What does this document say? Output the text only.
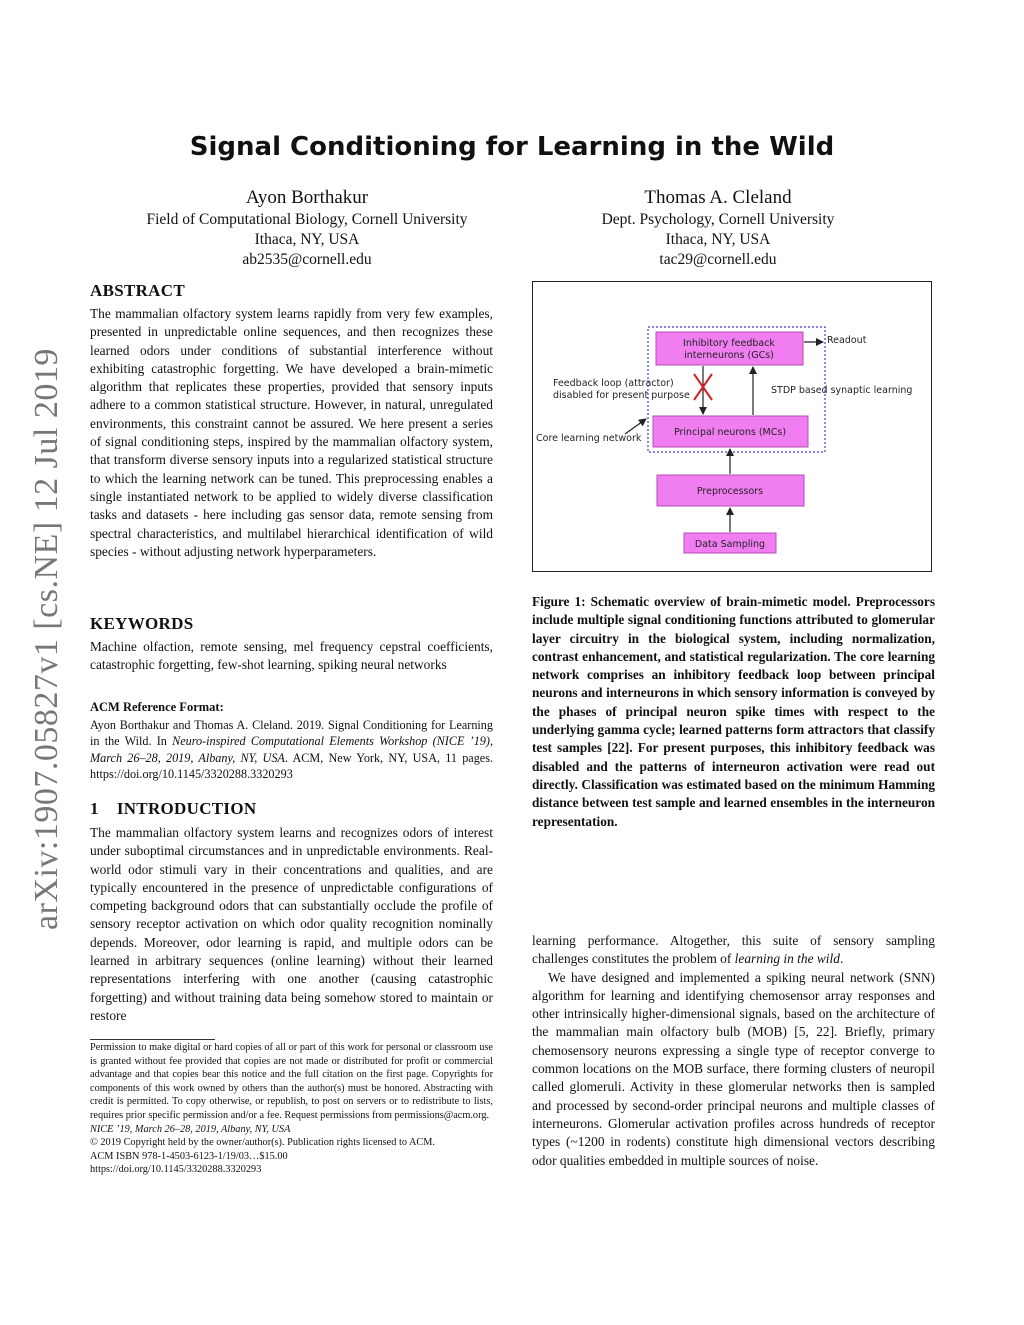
arXiv:1907.05827v1 [cs.NE] 12 Jul 2019
Signal Conditioning for Learning in the Wild
Ayon Borthakur
Field of Computational Biology, Cornell University
Ithaca, NY, USA
ab2535@cornell.edu
Thomas A. Cleland
Dept. Psychology, Cornell University
Ithaca, NY, USA
tac29@cornell.edu
ABSTRACT

The mammalian olfactory system learns rapidly from very few examples, presented in unpredictable online sequences, and then recognizes these learned odors under conditions of substantial interference without exhibiting catastrophic forgetting. We have developed a brain-mimetic algorithm that replicates these properties, provided that sensory inputs adhere to a common statistical structure. However, in natural, unregulated environments, this constraint cannot be assured. We here present a series of signal conditioning steps, inspired by the mammalian olfactory system, that transform diverse sensory inputs into a regularized statistical structure to which the learning network can be tuned. This preprocessing enables a single instantiated network to be applied to widely diverse classification tasks and datasets - here including gas sensor data, remote sensing from spectral characteristics, and multilabel hierarchical identification of wild species - without adjusting network hyperparameters.

KEYWORDS

Machine olfaction, remote sensing, mel frequency cepstral coefficients, catastrophic forgetting, few-shot learning, spiking neural networks

ACM Reference Format:

Ayon Borthakur and Thomas A. Cleland. 2019. Signal Conditioning for Learning in the Wild. In Neuro-inspired Computational Elements Workshop (NICE ’19), March 26–28, 2019, Albany, NY, USA. ACM, New York, NY, USA, 11 pages. https://doi.org/10.1145/3320288.3320293

1 INTRODUCTION

The mammalian olfactory system learns and recognizes odors of interest under suboptimal circumstances and in unpredictable environments. Real-world odor stimuli vary in their concentrations and qualities, and are typically encountered in the presence of unpredictable configurations of competing background odors that can substantially occlude the profile of sensory receptor activation on which odor quality recognition nominally depends. Moreover, odor learning is rapid, and multiple odors can be learned in arbitrary sequences (online learning) without their learned representations interfering with one another (causing catastrophic forgetting) and without training data being somehow stored to maintain or restore

Permission to make digital or hard copies of all or part of this work for personal or classroom use is granted without fee provided that copies are not made or distributed for profit or commercial advantage and that copies bear this notice and the full citation on the first page. Copyrights for components of this work owned by others than the author(s) must be honored. Abstracting with credit is permitted. To copy otherwise, or republish, to post on servers or to redistribute to lists, requires prior specific permission and/or a fee. Request permissions from permissions@acm.org.

NICE ’19, March 26–28, 2019, Albany, NY, USA

© 2019 Copyright held by the owner/author(s). Publication rights licensed to ACM.

ACM ISBN 978-1-4503-6123-1/19/03…$15.00

https://doi.org/10.1145/3320288.3320293

Inhibitory feedback
interneurons (GCs)
Principal neurons (MCs)
Preprocessors
Data Sampling
Readout
Feedback loop (attractor)
disabled for present purpose	STDP based synaptic learning
Core learning network

Figure 1: Schematic overview of brain-mimetic model. Preprocessors include multiple signal conditioning functions attributed to glomerular layer circuitry in the biological system, including normalization, contrast enhancement, and statistical regularization. The core learning network comprises an inhibitory feedback loop between principal neurons and interneurons in which sensory information is conveyed by the phases of principal neuron spike times with respect to the underlying gamma cycle; learned patterns form attractors that classify test samples [22]. For present purposes, this inhibitory feedback was disabled and the patterns of interneuron activation were read out directly. Classification was estimated based on the minimum Hamming distance between test sample and learned ensembles in the interneuron representation.

learning performance. Altogether, this suite of sensory sampling challenges constitutes the problem of learning in the wild.

We have designed and implemented a spiking neural network (SNN) algorithm for learning and identifying chemosensor array responses and other intrinsically higher-dimensional signals, based on the architecture of the mammalian main olfactory bulb (MOB) [5, 22]. Briefly, primary chemosensory neurons expressing a single type of receptor converge to common locations on the MOB surface, there forming clusters of neuropil called glomeruli. Activity in these glomerular networks then is sampled and processed by second-order principal neurons and multiple classes of interneurons. Glomerular activation profiles across hundreds of receptor types (~1200 in rodents) constitute high dimensional vectors describing odor qualities embedded in multiple sources of noise.
